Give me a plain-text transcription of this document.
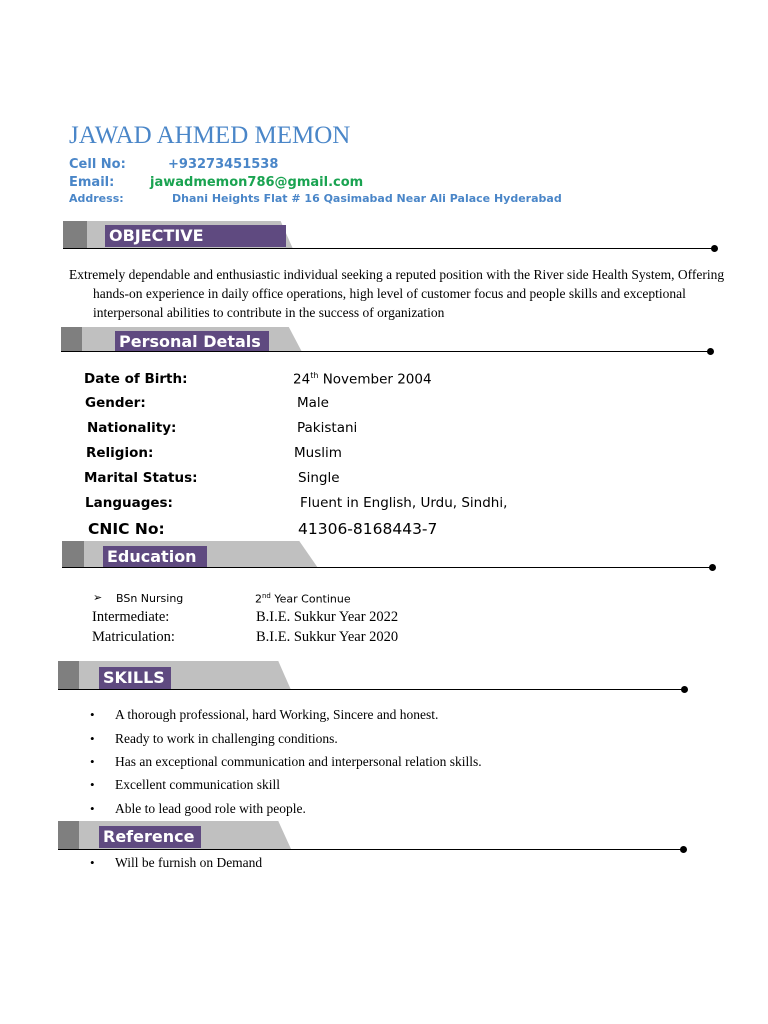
JAWAD AHMED MEMON
Cell No:	+93273451538
Email:	jawadmemon786@gmail.com
Address:	Dhani Heights Flat # 16 Qasimabad Near Ali Palace Hyderabad
OBJECTIVE
Extremely dependable and enthusiastic individual seeking a reputed position with the River side Health System, Offering hands-on experience in daily office operations, high level of customer focus and people skills and exceptional interpersonal abilities to contribute in the success of organization
Personal Detals
Date of Birth:	24th November 2004
Gender:	Male
Nationality:	Pakistani
Religion:	Muslim
Marital Status:	Single
Languages:	Fluent in English, Urdu, Sindhi,
CNIC No:	41306-8168443-7
Education
➢ BSn Nursing	2nd Year Continue
Intermediate:	B.I.E. Sukkur Year 2022
Matriculation:	B.I.E. Sukkur Year 2020
SKILLS
• A thorough professional, hard Working, Sincere and honest.
• Ready to work in challenging conditions.
• Has an exceptional communication and interpersonal relation skills.
• Excellent communication skill
• Able to lead good role with people.
Reference
• Will be furnish on Demand
